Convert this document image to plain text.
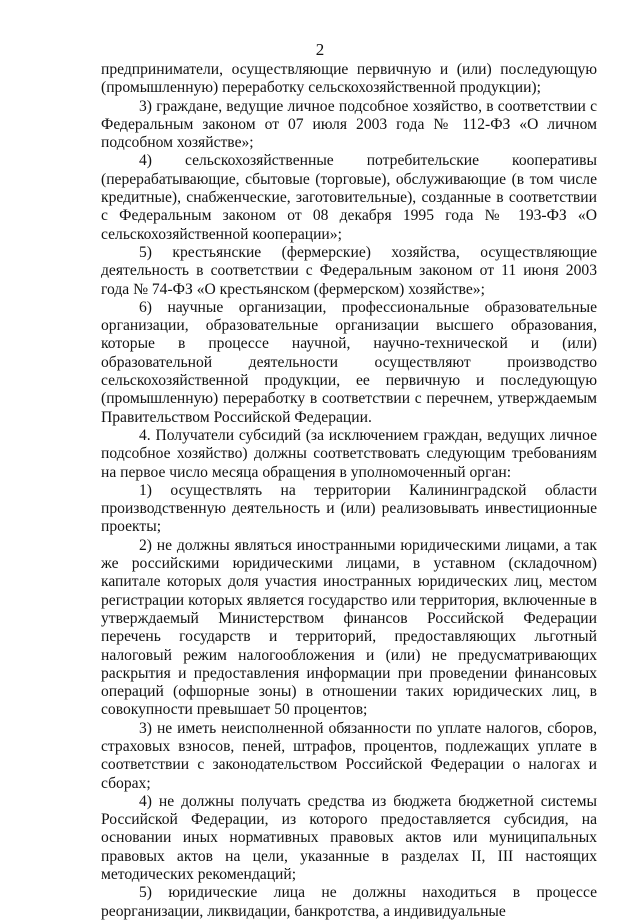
2

предприниматели, осуществляющие первичную и (или) последующую (промышленную) переработку сельскохозяйственной продукции);

3) граждане, ведущие личное подсобное хозяйство, в соответствии с Федеральным законом от 07 июля 2003 года № 112-ФЗ «О личном подсобном хозяйстве»;

4) сельскохозяйственные потребительские кооперативы (перерабатывающие, сбытовые (торговые), обслуживающие (в том числе кредитные), снабженческие, заготовительные), созданные в соответствии с Федеральным законом от 08 декабря 1995 года № 193-ФЗ «О сельскохозяйственной кооперации»;

5) крестьянские (фермерские) хозяйства, осуществляющие деятельность в соответствии с Федеральным законом от 11 июня 2003 года № 74-ФЗ «О крестьянском (фермерском) хозяйстве»;

6) научные организации, профессиональные образовательные организации, образовательные организации высшего образования, которые в процессе научной, научно-технической и (или) образовательной деятельности осуществляют производство сельскохозяйственной продукции, ее первичную и последующую (промышленную) переработку в соответствии с перечнем, утверждаемым Правительством Российской Федерации.

4. Получатели субсидий (за исключением граждан, ведущих личное подсобное хозяйство) должны соответствовать следующим требованиям на первое число месяца обращения в уполномоченный орган:

1) осуществлять на территории Калининградской области производственную деятельность и (или) реализовывать инвестиционные проекты;

2) не должны являться иностранными юридическими лицами, а так же российскими юридическими лицами, в уставном (складочном) капитале которых доля участия иностранных юридических лиц, местом регистрации которых является государство или территория, включенные в утверждаемый Министерством финансов Российской Федерации перечень государств и территорий, предоставляющих льготный налоговый режим налогообложения и (или) не предусматривающих раскрытия и предоставления информации при проведении финансовых операций (офшорные зоны) в отношении таких юридических лиц, в совокупности превышает 50 процентов;

3) не иметь неисполненной обязанности по уплате налогов, сборов, страховых взносов, пеней, штрафов, процентов, подлежащих уплате в соответствии с законодательством Российской Федерации о налогах и сборах;

4) не должны получать средства из бюджета бюджетной системы Российской Федерации, из которого предоставляется субсидия, на основании иных нормативных правовых актов или муниципальных правовых актов на цели, указанные в разделах II, III настоящих методических рекомендаций;

5) юридические лица не должны находиться в процессе реорганизации, ликвидации, банкротства, а индивидуальные
